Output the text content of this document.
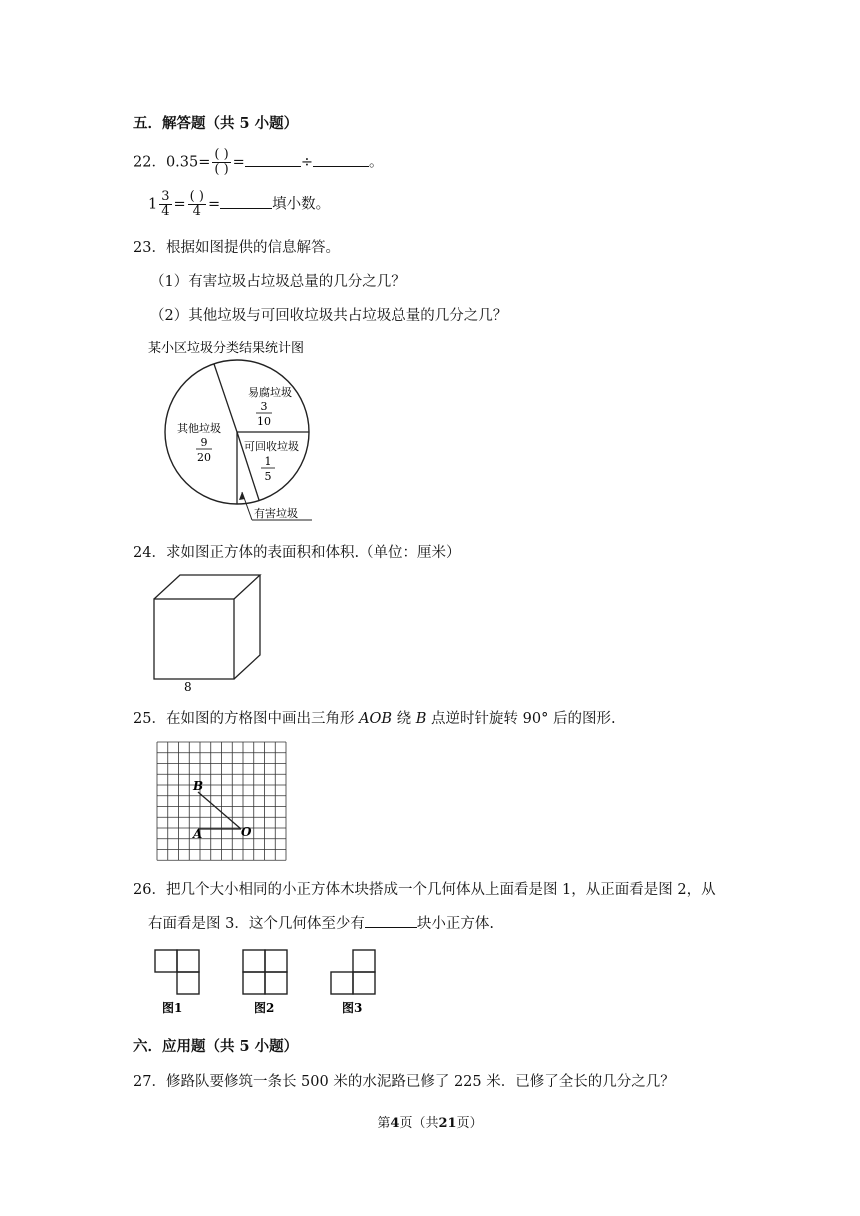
五．解答题（共 5 小题）
22．$0.35= \frac{( )}{( )}$ =	÷	。
$1 \frac{3}{4} = \frac{( )}{4}$ =	填小数。
23．根据如图提供的信息解答。
（1）有害垃圾占垃圾总量的几分之几？
（2）其他垃圾与可回收垃圾共占垃圾总量的几分之几？
某小区垃圾分类结果统计图
易腐垃圾
3
10
其他垃圾
9
20
可回收垃圾
1
5
有害垃圾
24．求如图正方体的表面积和体积.（单位：厘米）
8
25．在如图的方格图中画出三角形 AOB 绕 B 点逆时针旋转 90° 后的图形.
B
A	O
26．把几个大小相同的小正方体木块搭成一个几何体从上面看是图 1，从正面看是图 2，从
右面看是图 3．这个几何体至少有	块小正方体.
图1	图2	图3
六．应用题（共 5 小题）
27．修路队要修筑一条长 500 米的水泥路已修了 225 米．已修了全长的几分之几？
第4页（共21页）
